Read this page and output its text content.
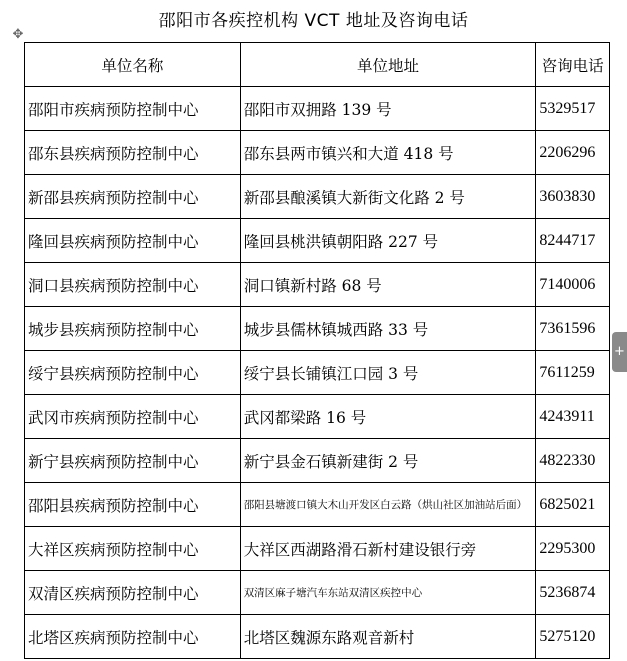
邵阳市各疾控机构 VCT 地址及咨询电话
✥
单位名称	单位地址	咨询电话
邵阳市疾病预防控制中心	邵阳市双拥路 139 号	5329517
邵东县疾病预防控制中心	邵东县两市镇兴和大道 418 号	2206296
新邵县疾病预防控制中心	新邵县酿溪镇大新街文化路 2 号	3603830
隆回县疾病预防控制中心	隆回县桃洪镇朝阳路 227 号	8244717
洞口县疾病预防控制中心	洞口镇新村路 68 号	7140006
城步县疾病预防控制中心	城步县儒林镇城西路 33 号	7361596
绥宁县疾病预防控制中心	绥宁县长铺镇江口园 3 号	7611259
武冈市疾病预防控制中心	武冈都梁路 16 号	4243911
新宁县疾病预防控制中心	新宁县金石镇新建街 2 号	4822330
邵阳县疾病预防控制中心	邵阳县塘渡口镇大木山开发区白云路（烘山社区加油站后面）	6825021
大祥区疾病预防控制中心	大祥区西湖路滑石新村建设银行旁	2295300
双清区疾病预防控制中心	双清区麻子塘汽车东站双清区疾控中心	5236874
北塔区疾病预防控制中心	北塔区魏源东路观音新村	5275120
+
